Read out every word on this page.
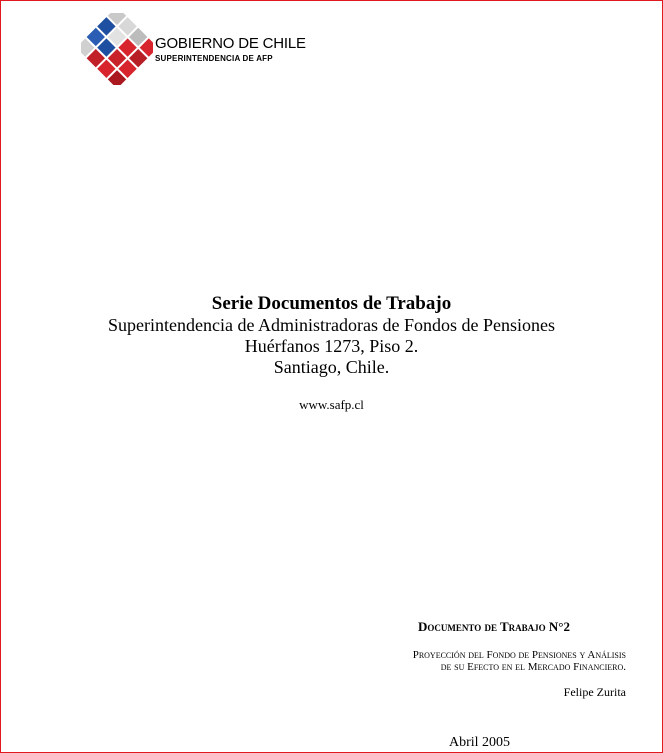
GOBIERNO DE CHILE
SUPERINTENDENCIA DE AFP
Serie Documentos de Trabajo
Superintendencia de Administradoras de Fondos de Pensiones
Huérfanos 1273, Piso 2.
Santiago, Chile.
www.safp.cl
Documento de Trabajo N°2
Proyección del Fondo de Pensiones y Análisis
de su Efecto en el Mercado Financiero.
Felipe Zurita
Abril 2005
